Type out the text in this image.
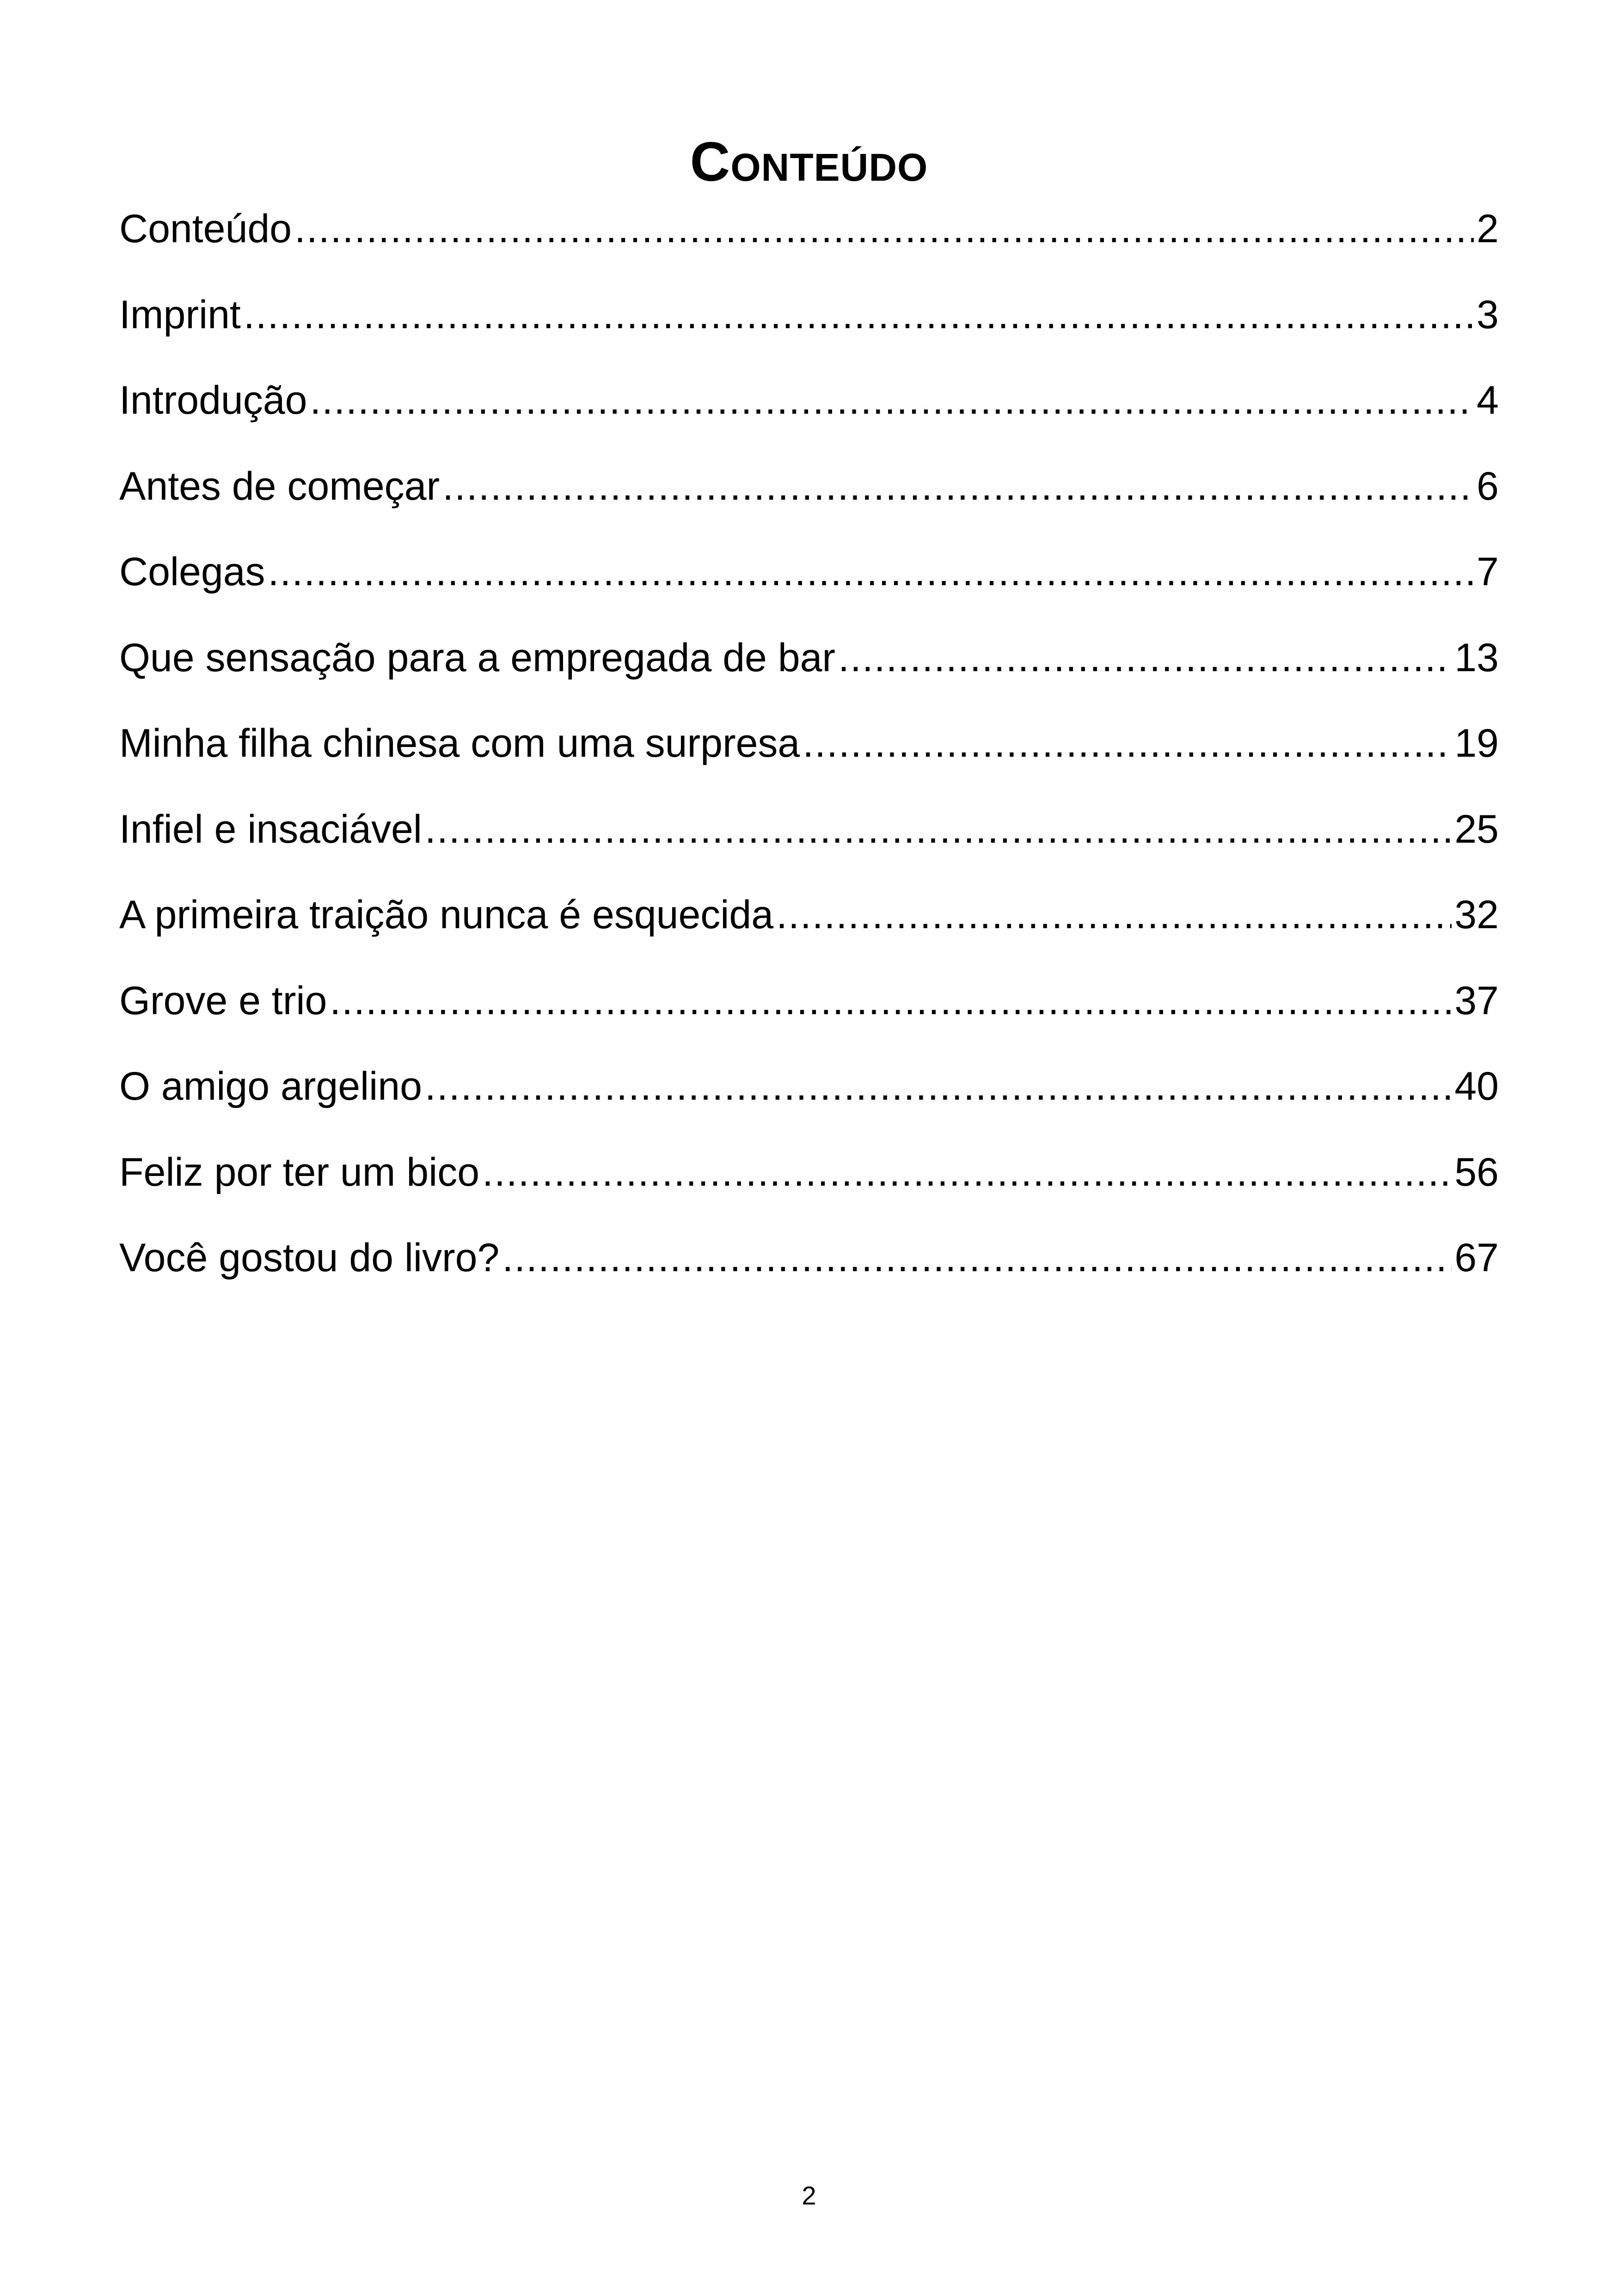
Conteúdo
Conteúdo .....	2
Imprint .....	3
Introdução .....	4
Antes de começar .....	6
Colegas .....	7
Que sensação para a empregada de bar .....	13
Minha filha chinesa com uma surpresa .....	19
Infiel e insaciável .....	25
A primeira traição nunca é esquecida .....	32
Grove e trio .....	37
O amigo argelino .....	40
Feliz por ter um bico .....	56
Você gostou do livro? .....	67
2
